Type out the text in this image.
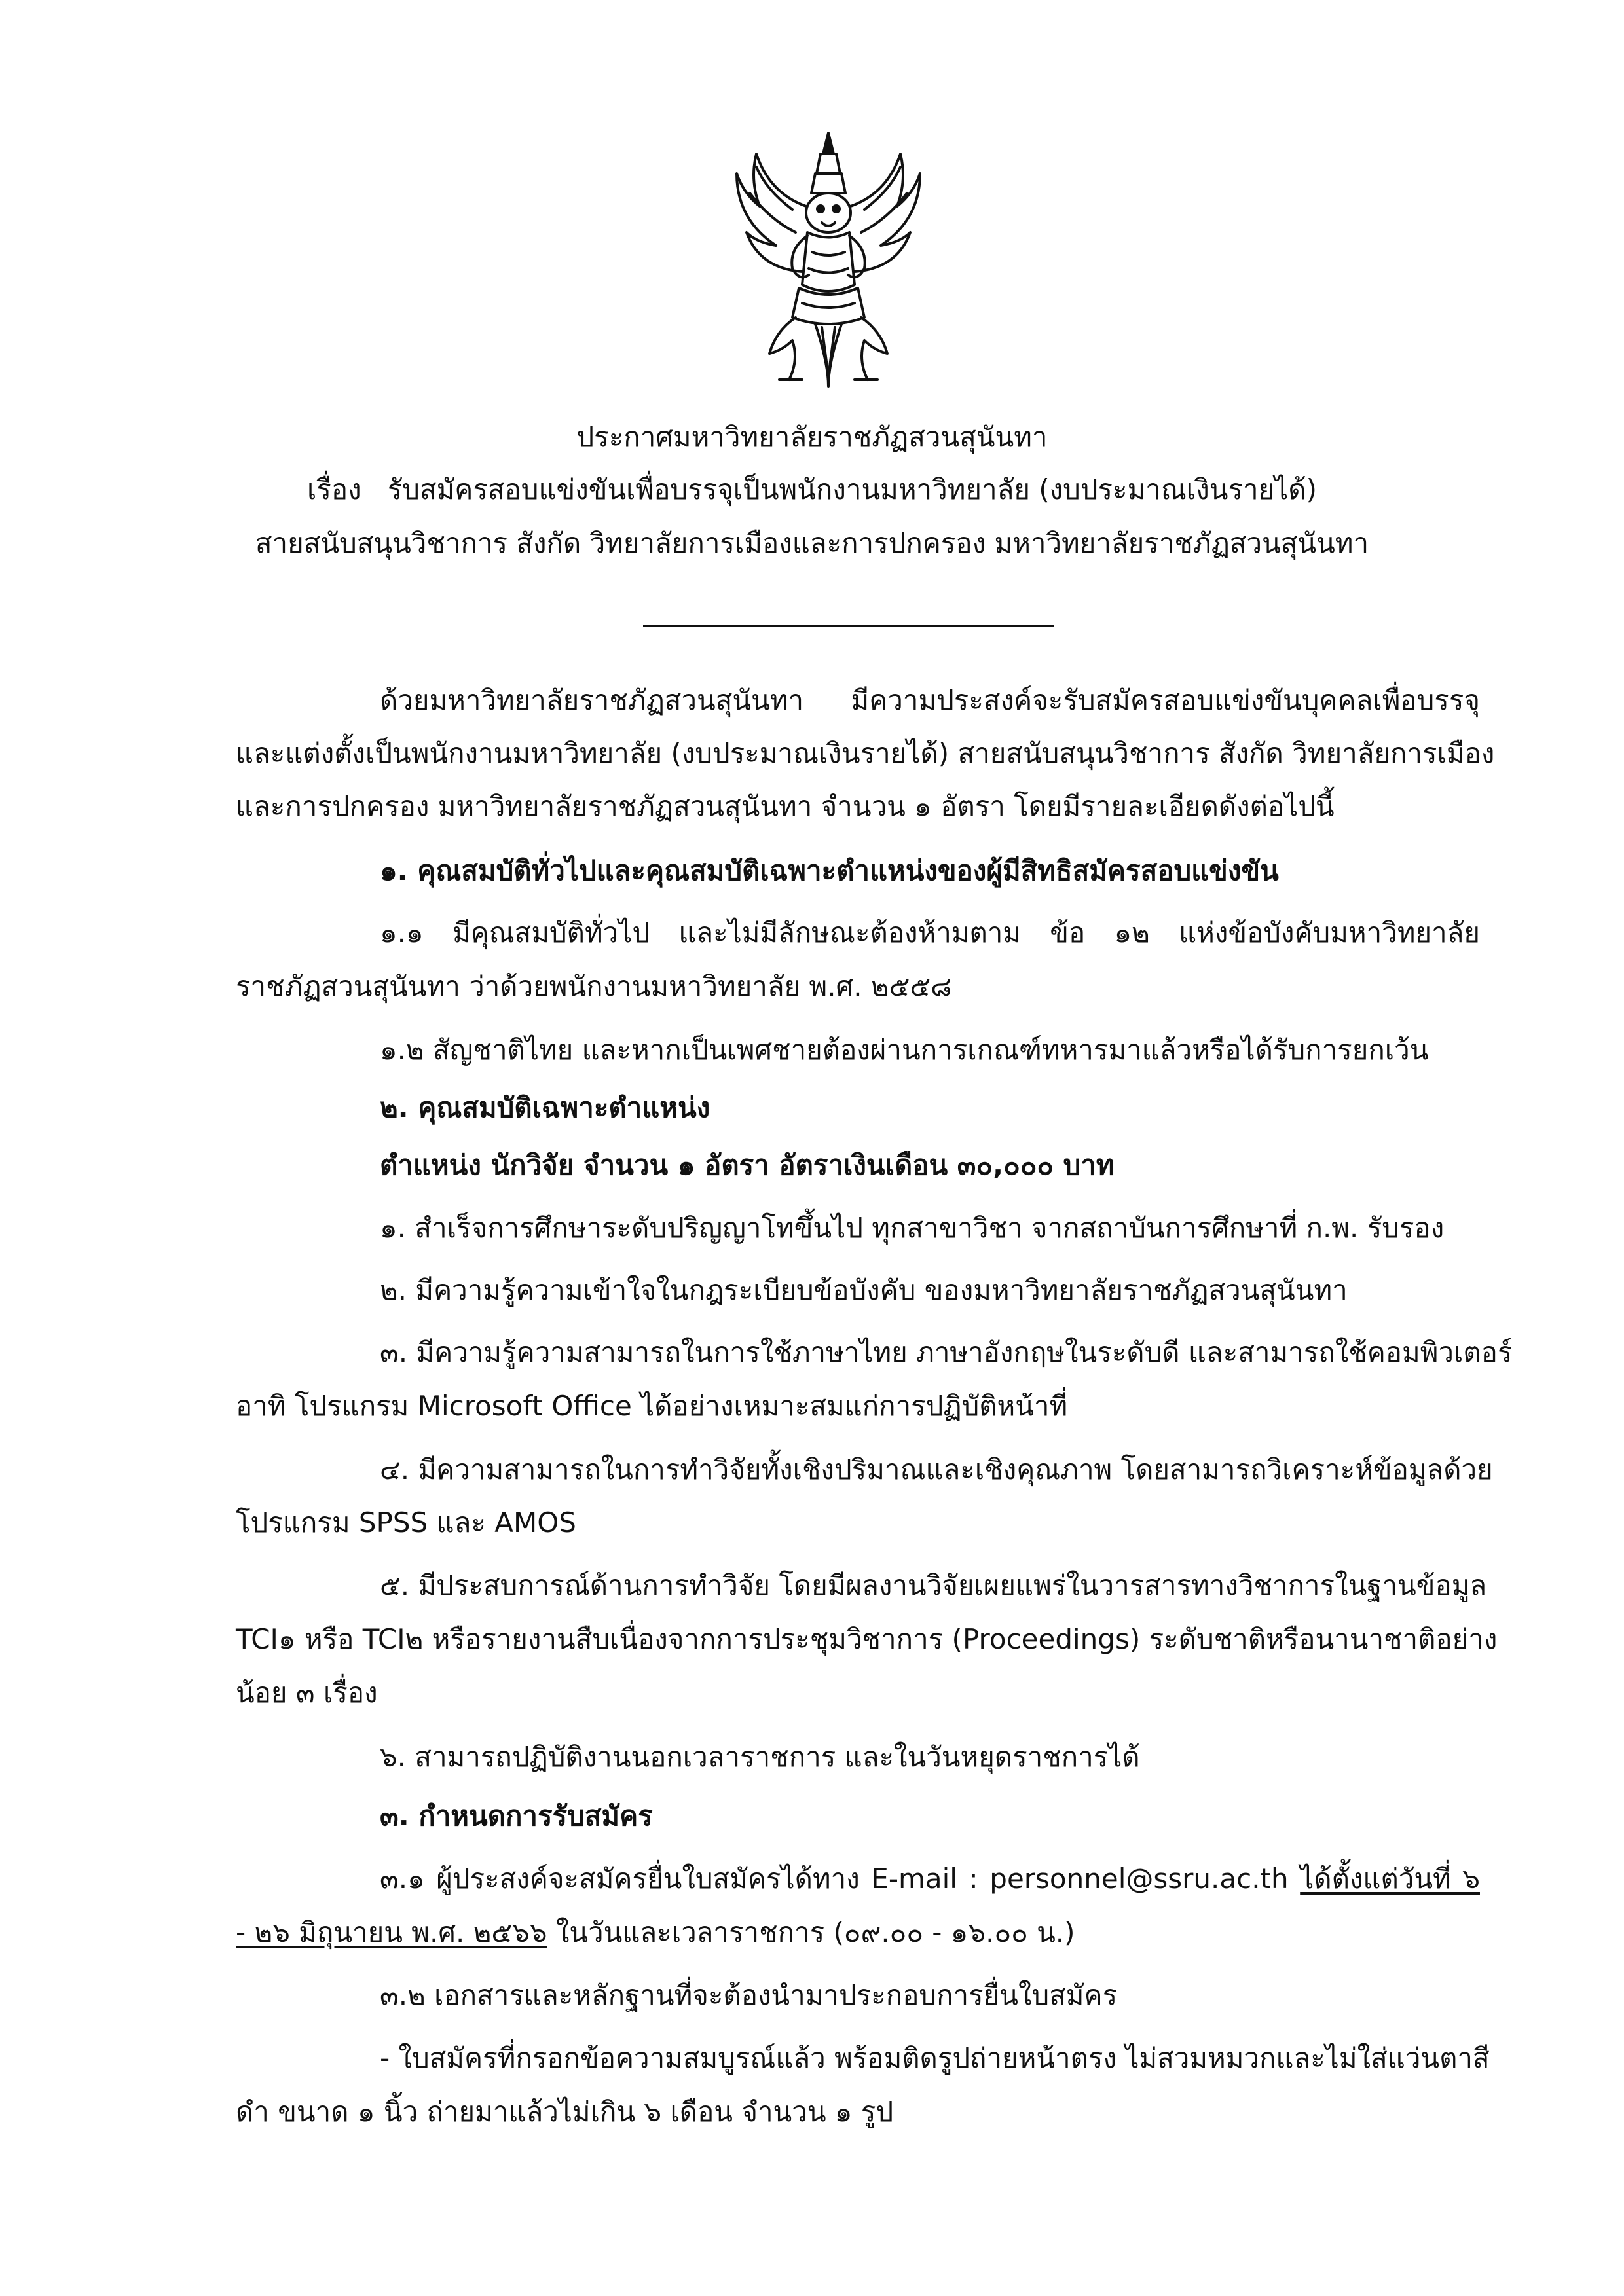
ประกาศมหาวิทยาลัยราชภัฏสวนสุนันทา
เรื่อง รับสมัครสอบแข่งขันเพื่อบรรจุเป็นพนักงานมหาวิทยาลัย (งบประมาณเงินรายได้)
สายสนับสนุนวิชาการ สังกัด วิทยาลัยการเมืองและการปกครอง มหาวิทยาลัยราชภัฏสวนสุนันทา
ด้วยมหาวิทยาลัยราชภัฏสวนสุนันทา มีความประสงค์จะรับสมัครสอบแข่งขันบุคคลเพื่อบรรจุ
และแต่งตั้งเป็นพนักงานมหาวิทยาลัย (งบประมาณเงินรายได้) สายสนับสนุนวิชาการ สังกัด วิทยาลัยการเมือง
และการปกครอง มหาวิทยาลัยราชภัฏสวนสุนันทา จำนวน ๑ อัตรา โดยมีรายละเอียดดังต่อไปนี้
๑. คุณสมบัติทั่วไปและคุณสมบัติเฉพาะตำแหน่งของผู้มีสิทธิสมัครสอบแข่งขัน
๑.๑ มีคุณสมบัติทั่วไป และไม่มีลักษณะต้องห้ามตาม ข้อ ๑๒ แห่งข้อบังคับมหาวิทยาลัย
ราชภัฏสวนสุนันทา ว่าด้วยพนักงานมหาวิทยาลัย พ.ศ. ๒๕๕๘
๑.๒ สัญชาติไทย และหากเป็นเพศชายต้องผ่านการเกณฑ์ทหารมาแล้วหรือได้รับการยกเว้น
๒. คุณสมบัติเฉพาะตำแหน่ง
ตำแหน่ง นักวิจัย จำนวน ๑ อัตรา อัตราเงินเดือน ๓๐,๐๐๐ บาท
๑. สำเร็จการศึกษาระดับปริญญาโทขึ้นไป ทุกสาขาวิชา จากสถาบันการศึกษาที่ ก.พ. รับรอง
๒. มีความรู้ความเข้าใจในกฎระเบียบข้อบังคับ ของมหาวิทยาลัยราชภัฏสวนสุนันทา
๓. มีความรู้ความสามารถในการใช้ภาษาไทย ภาษาอังกฤษในระดับดี และสามารถใช้คอมพิวเตอร์
อาทิ โปรแกรม Microsoft Office ได้อย่างเหมาะสมแก่การปฏิบัติหน้าที่
๔. มีความสามารถในการทำวิจัยทั้งเชิงปริมาณและเชิงคุณภาพ โดยสามารถวิเคราะห์ข้อมูลด้วย
โปรแกรม SPSS และ AMOS
๕. มีประสบการณ์ด้านการทำวิจัย โดยมีผลงานวิจัยเผยแพร่ในวารสารทางวิชาการในฐานข้อมูล
TCI๑ หรือ TCI๒ หรือรายงานสืบเนื่องจากการประชุมวิชาการ (Proceedings) ระดับชาติหรือนานาชาติอย่าง
น้อย ๓ เรื่อง
๖. สามารถปฏิบัติงานนอกเวลาราชการ และในวันหยุดราชการได้
๓. กำหนดการรับสมัคร
๓.๑ ผู้ประสงค์จะสมัครยื่นใบสมัครได้ทาง E-mail : personnel@ssru.ac.th ได้ตั้งแต่วันที่ ๖
- ๒๖ มิถุนายน พ.ศ. ๒๕๖๖ ในวันและเวลาราชการ (๐๙.๐๐ - ๑๖.๐๐ น.)
๓.๒ เอกสารและหลักฐานที่จะต้องนำมาประกอบการยื่นใบสมัคร
- ใบสมัครที่กรอกข้อความสมบูรณ์แล้ว พร้อมติดรูปถ่ายหน้าตรง ไม่สวมหมวกและไม่ใส่แว่นตาสี
ดำ ขนาด ๑ นิ้ว ถ่ายมาแล้วไม่เกิน ๖ เดือน จำนวน ๑ รูป
